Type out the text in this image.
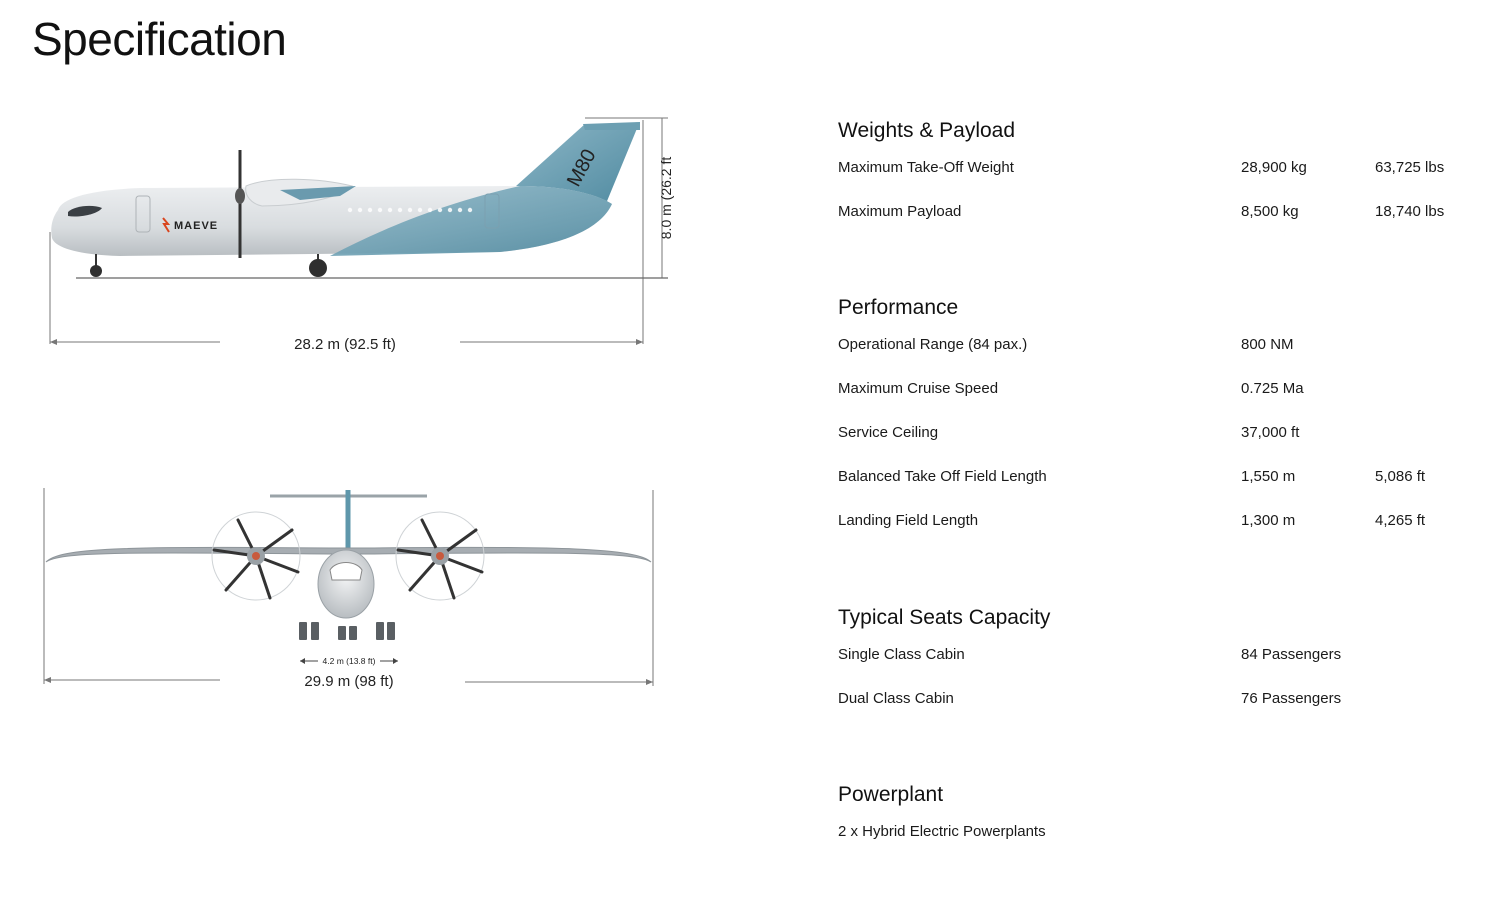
Specification
MAEVE
M80
28.2 m (92.5 ft)
8.0 m (26.2 ft
4.2 m (13.8 ft)
29.9 m (98 ft)
Weights & Payload
Maximum Take-Off Weight	28,900 kg	63,725 lbs
Maximum Payload	8,500 kg	18,740 lbs
Performance
Operational Range (84 pax.)	800 NM
Maximum Cruise Speed	0.725 Ma
Service Ceiling	37,000 ft
Balanced Take Off Field Length	1,550 m	5,086 ft
Landing Field Length	1,300 m	4,265 ft
Typical Seats Capacity
Single Class Cabin	84 Passengers
Dual Class Cabin	76 Passengers
Powerplant
2 x Hybrid Electric Powerplants
